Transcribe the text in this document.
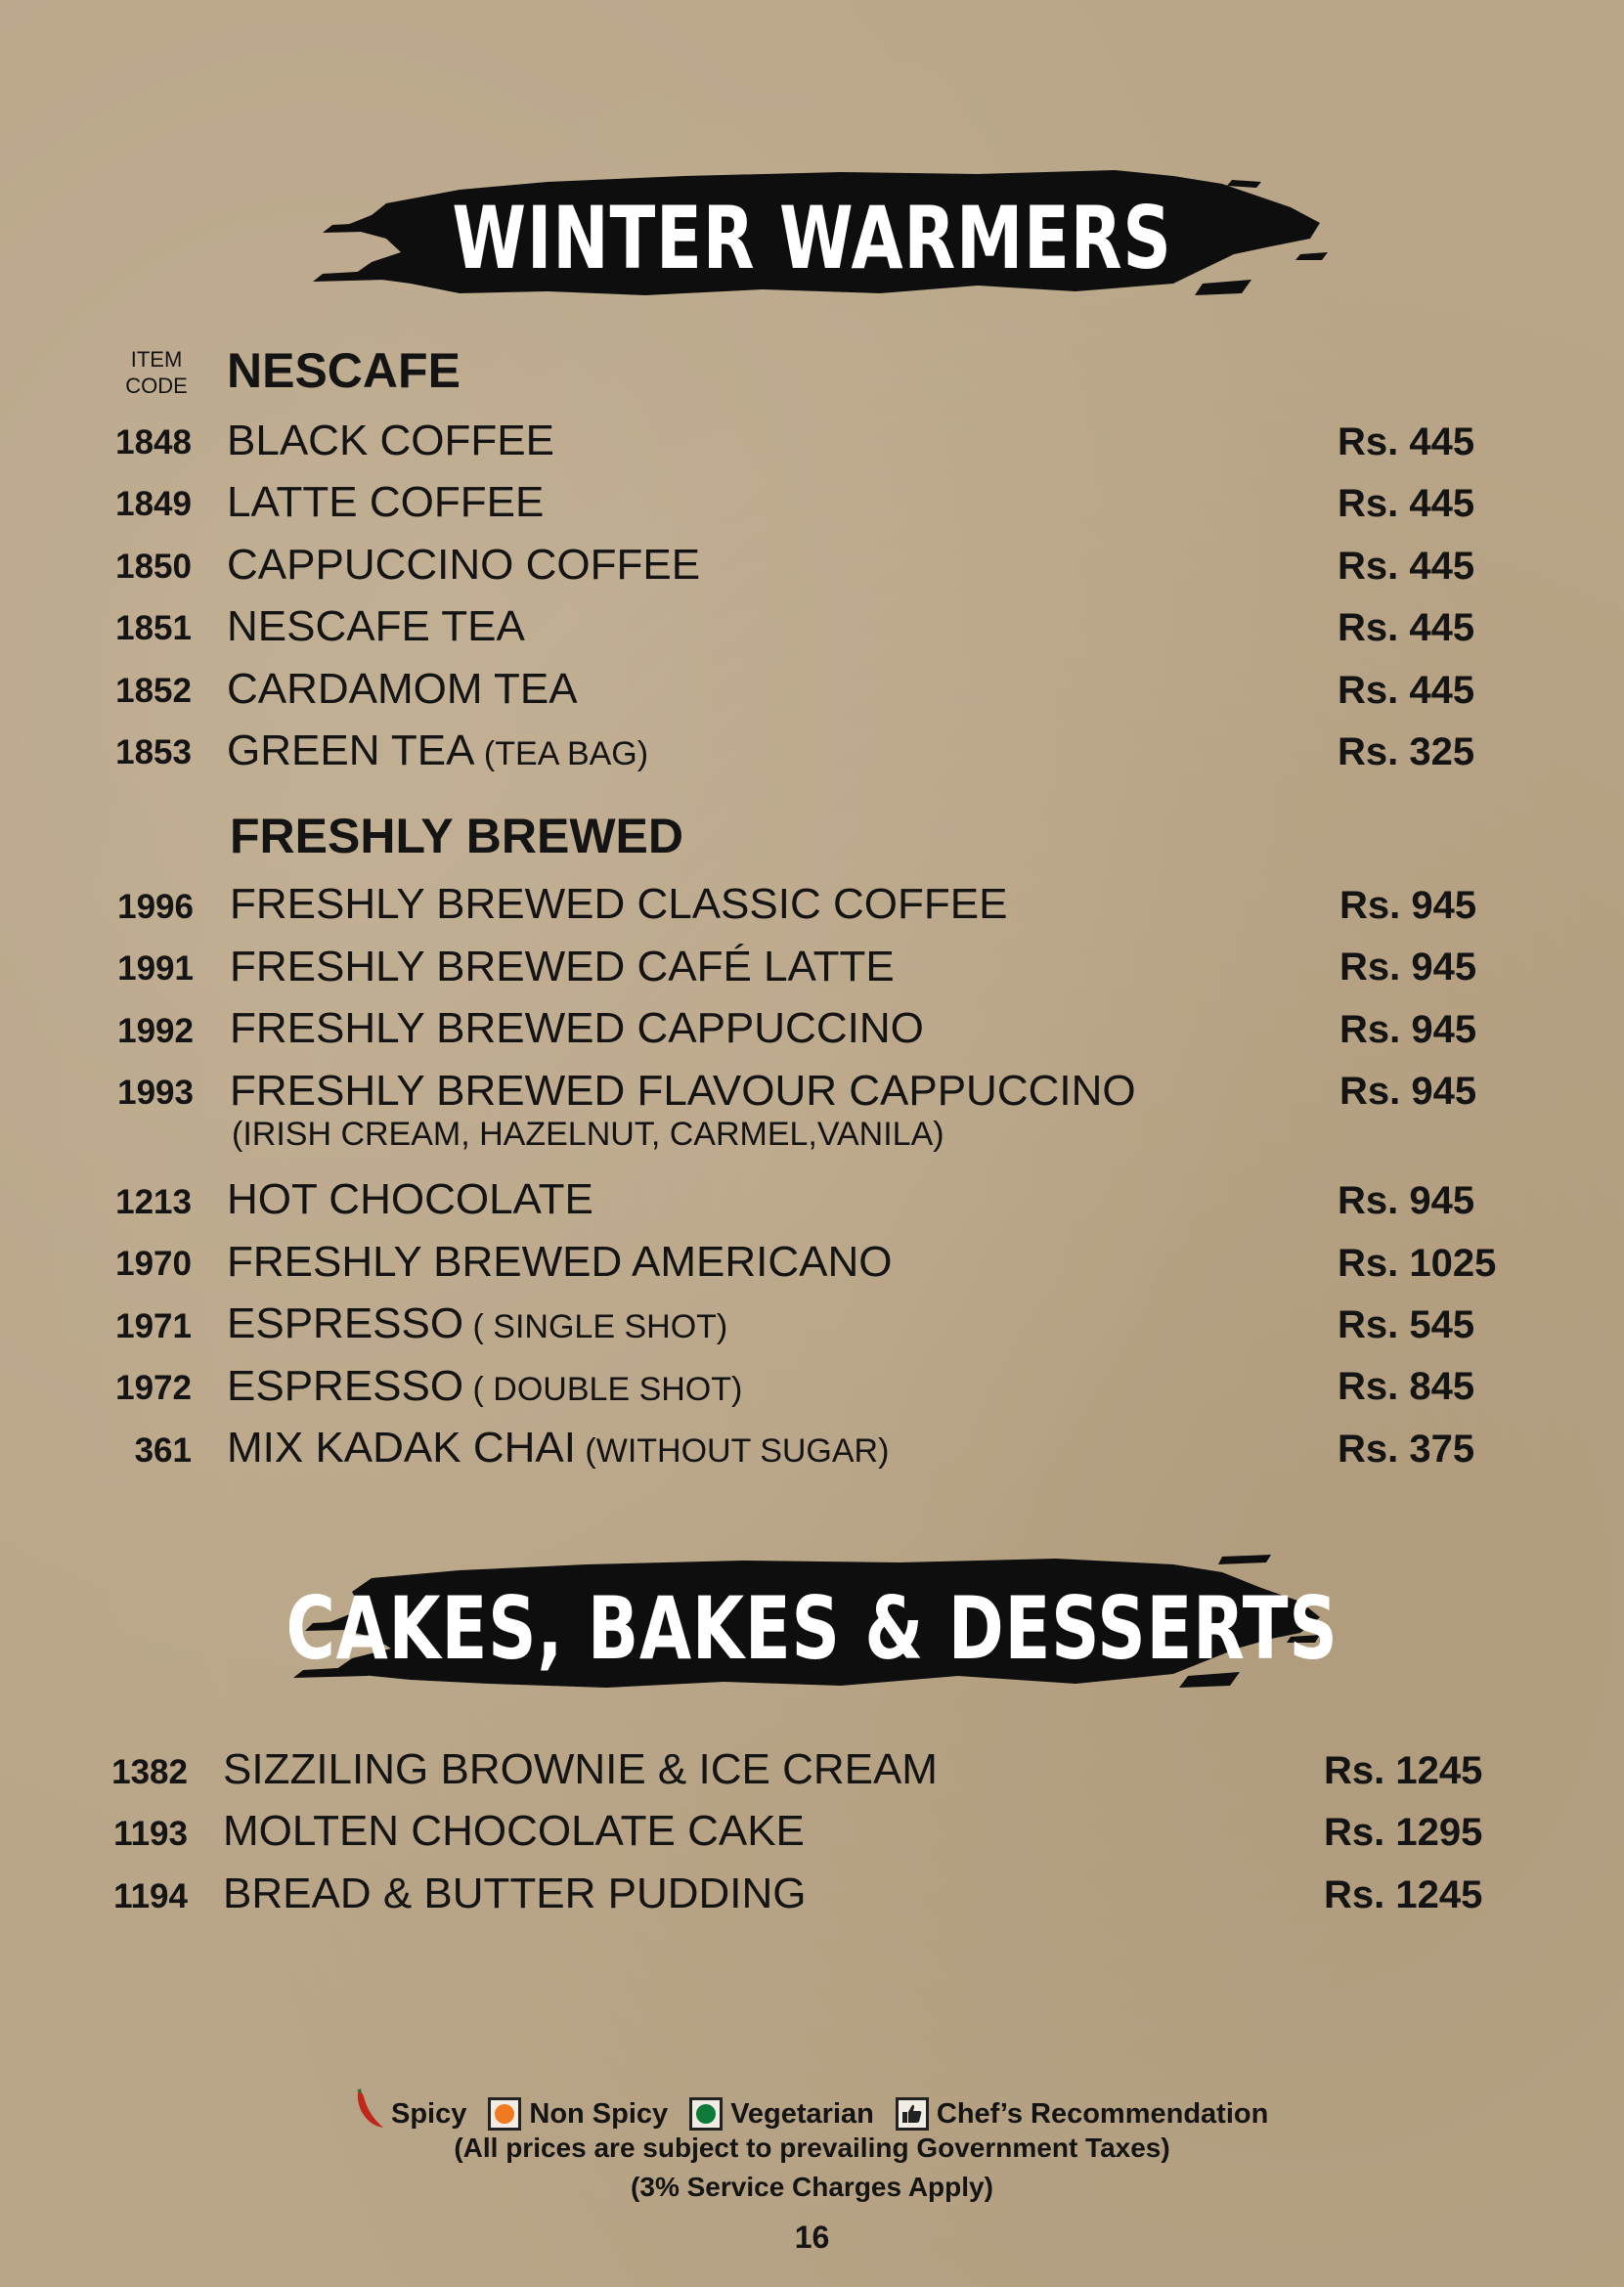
WINTER WARMERS
ITEM
CODE NESCAFE
1848 BLACK COFFEE	Rs. 445
1849 LATTE COFFEE	Rs. 445
1850 CAPPUCCINO COFFEE	Rs. 445
1851 NESCAFE TEA	Rs. 445
1852 CARDAMOM TEA	Rs. 445
1853 GREEN TEA (TEA BAG)	Rs. 325
FRESHLY BREWED
1996 FRESHLY BREWED CLASSIC COFFEE	Rs. 945
1991 FRESHLY BREWED CAFÉ LATTE	Rs. 945
1992 FRESHLY BREWED CAPPUCCINO	Rs. 945
1993 FRESHLY BREWED FLAVOUR CAPPUCCINO	Rs. 945
(IRISH CREAM, HAZELNUT, CARMEL,VANILA)
1213 HOT CHOCOLATE	Rs. 945
1970 FRESHLY BREWED AMERICANO	Rs. 1025
1971 ESPRESSO ( SINGLE SHOT)	Rs. 545
1972 ESPRESSO ( DOUBLE SHOT)	Rs. 845
361 MIX KADAK CHAI (WITHOUT SUGAR)	Rs. 375
CAKES, BAKES & DESSERTS
1382 SIZZILING BROWNIE & ICE CREAM	Rs. 1245
1193 MOLTEN CHOCOLATE CAKE	Rs. 1295
1194 BREAD & BUTTER PUDDING	Rs. 1245
Spicy Non Spicy Vegetarian Chef’s Recommendation
(All prices are subject to prevailing Government Taxes)
(3% Service Charges Apply)
16
